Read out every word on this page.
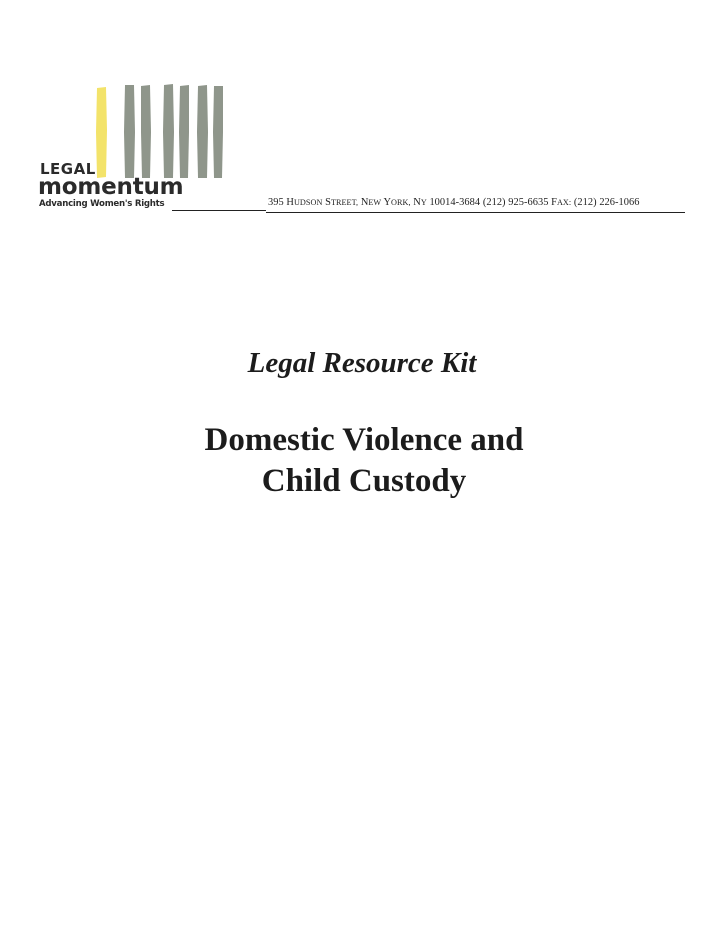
LEGAL
momentum
Advancing Women's Rights	395 HUDSON STREET, NEW YORK, NY 10014-3684 (212) 925-6635 FAX: (212) 226-1066
Legal Resource Kit
Domestic Violence and
Child Custody
